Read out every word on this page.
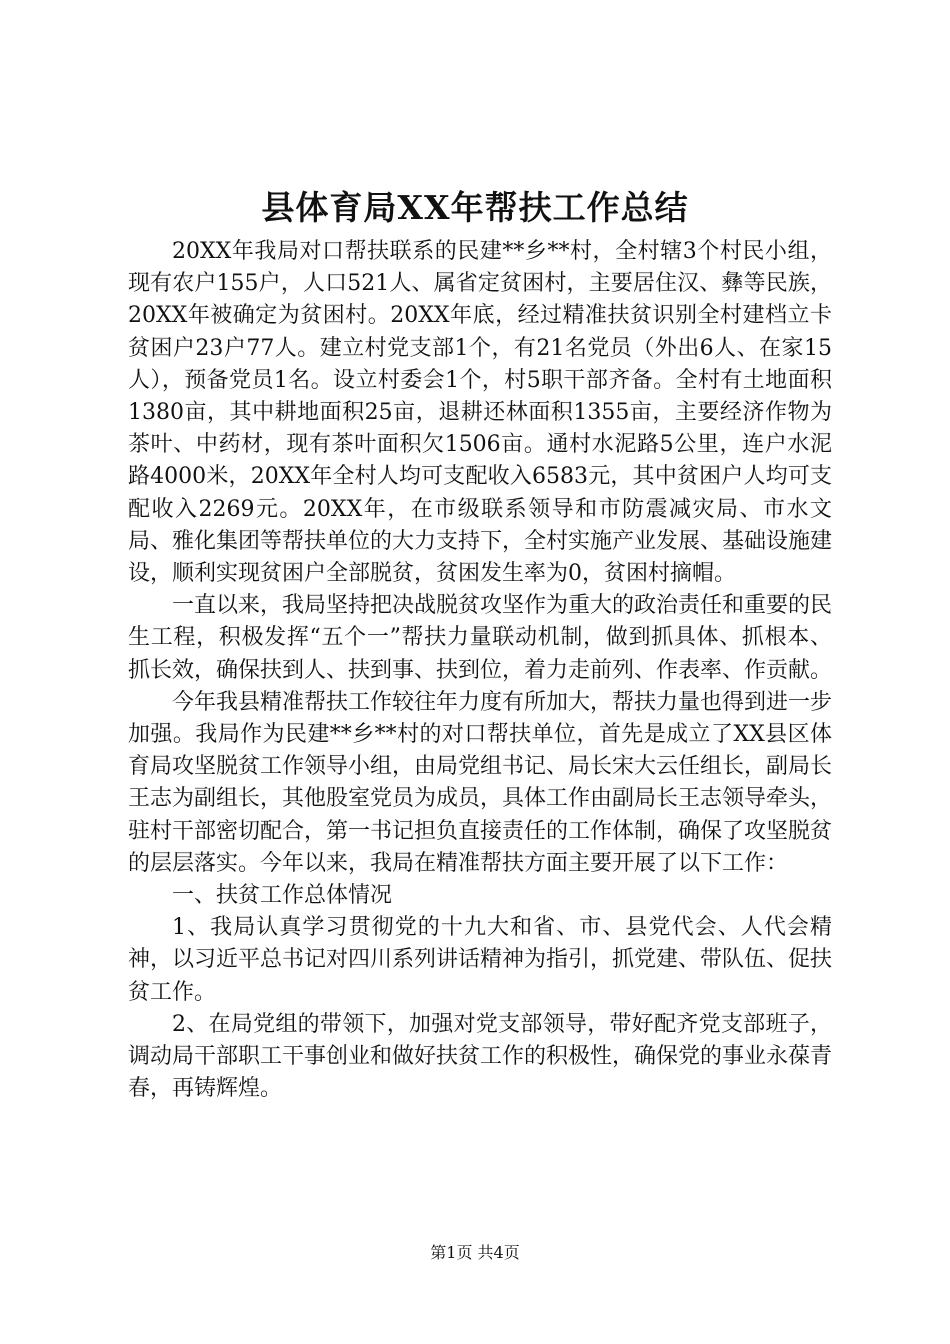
县体育局XX年帮扶工作总结

20XX年我局对口帮扶联系的民建**乡**村，全村辖3个村民小组，现有农户155户，人口521人、属省定贫困村，主要居住汉、彝等民族，20XX年被确定为贫困村。20XX年底，经过精准扶贫识别全村建档立卡贫困户23户77人。建立村党支部1个，有21名党员（外出6人、在家15人），预备党员1名。设立村委会1个，村5职干部齐备。全村有土地面积1380亩，其中耕地面积25亩，退耕还林面积1355亩，主要经济作物为茶叶、中药材，现有茶叶面积欠1506亩。通村水泥路5公里，连户水泥路4000米，20XX年全村人均可支配收入6583元，其中贫困户人均可支配收入2269元。20XX年，在市级联系领导和市防震减灾局、市水文局、雅化集团等帮扶单位的大力支持下，全村实施产业发展、基础设施建设，顺利实现贫困户全部脱贫，贫困发生率为0，贫困村摘帽。

一直以来，我局坚持把决战脱贫攻坚作为重大的政治责任和重要的民生工程，积极发挥“五个一”帮扶力量联动机制，做到抓具体、抓根本、抓长效，确保扶到人、扶到事、扶到位，着力走前列、作表率、作贡献。

今年我县精准帮扶工作较往年力度有所加大，帮扶力量也得到进一步加强。我局作为民建**乡**村的对口帮扶单位，首先是成立了XX县区体育局攻坚脱贫工作领导小组，由局党组书记、局长宋大云任组长，副局长王志为副组长，其他股室党员为成员，具体工作由副局长王志领导牵头，驻村干部密切配合，第一书记担负直接责任的工作体制，确保了攻坚脱贫的层层落实。今年以来，我局在精准帮扶方面主要开展了以下工作：

一、扶贫工作总体情况

1、我局认真学习贯彻党的十九大和省、市、县党代会、人代会精神，以习近平总书记对四川系列讲话精神为指引，抓党建、带队伍、促扶贫工作。

2、在局党组的带领下，加强对党支部领导，带好配齐党支部班子，调动局干部职工干事创业和做好扶贫工作的积极性，确保党的事业永葆青春，再铸辉煌。

第1页 共4页
